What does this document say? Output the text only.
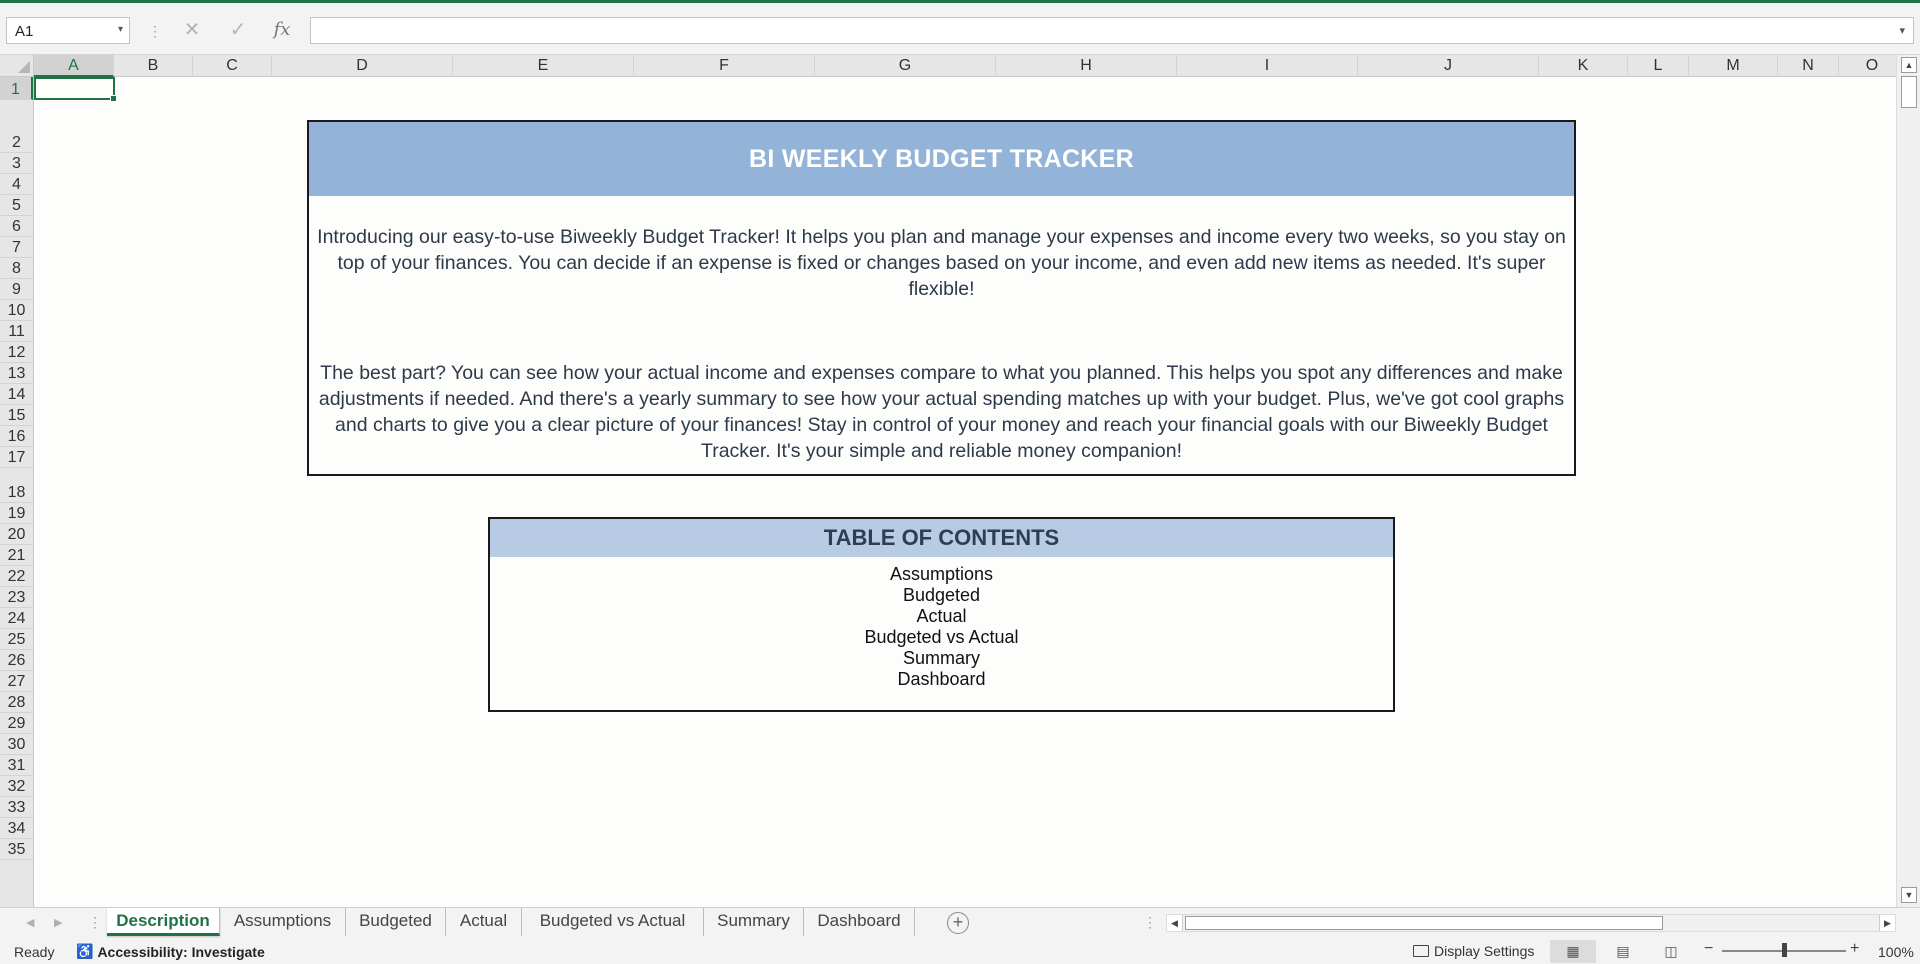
A1	▾ ⋮ ✕ ✓	fx	▾
A	B	C	D	E	F	G	H	I	J	K	L	M	N	O
1
2
3
4
5
6
7
8
9
10
11
12
13
14
15
16
17
18
19
20
21
22
23
24
25
26
27
28
29
30
31
32
33
34
35
BI WEEKLY BUDGET TRACKER
Introducing our easy-to-use Biweekly Budget Tracker! It helps you plan and manage your expenses and income every two weeks, so you stay on top of your finances. You can decide if an expense is fixed or changes based on your income, and even add new items as needed. It's super flexible!
The best part? You can see how your actual income and expenses compare to what you planned. This helps you spot any differences and make adjustments if needed. And there's a yearly summary to see how your actual spending matches up with your budget. Plus, we've got cool graphs and charts to give you a clear picture of your finances! Stay in control of your money and reach your financial goals with our Biweekly Budget Tracker. It's your simple and reliable money companion!
TABLE OF CONTENTS
Assumptions
Budgeted
Actual
Budgeted vs Actual
Summary
Dashboard
▲
▼
◀ ▶ ⋮ Description	Assumptions	Budgeted	Actual	Budgeted vs Actual	Summary	Dashboard	+	⋮	◀	▶
Ready ♿ Accessibility: Investigate	Display Settings	▦	▤	◫	−	+ 100%
